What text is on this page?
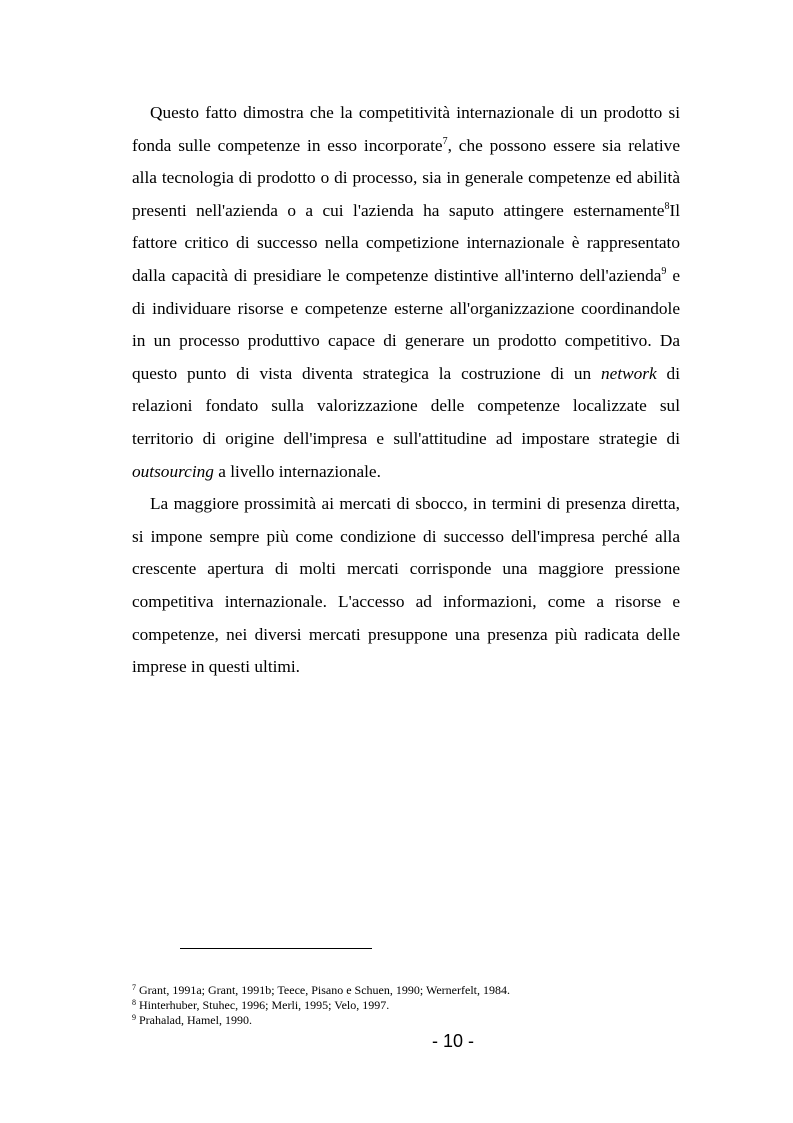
Questo fatto dimostra che la competitività internazionale di un prodotto si fonda sulle competenze in esso incorporate$^7$, che possono essere sia relative alla tecnologia di prodotto o di processo, sia in generale competenze ed abilità presenti nell'azienda o a cui l'azienda ha saputo attingere esternamente$^8$Il fattore critico di successo nella competizione internazionale è rappresentato dalla capacità di presidiare le competenze distintive all'interno dell'azienda$^9$ e di individuare risorse e competenze esterne all'organizzazione coordinandole in un processo produttivo capace di generare un prodotto competitivo. Da questo punto di vista diventa strategica la costruzione di un network di relazioni fondato sulla valorizzazione delle competenze localizzate sul territorio di origine dell'impresa e sull'attitudine ad impostare strategie di outsourcing a livello internazionale.

La maggiore prossimità ai mercati di sbocco, in termini di presenza diretta, si impone sempre più come condizione di successo dell'impresa perché alla crescente apertura di molti mercati corrisponde una maggiore pressione competitiva internazionale. L'accesso ad informazioni, come a risorse e competenze, nei diversi mercati presuppone una presenza più radicata delle imprese in questi ultimi.

$^7$ Grant, 1991a; Grant, 1991b; Teece, Pisano e Schuen, 1990; Wernerfelt, 1984.
$^8$ Hinterhuber, Stuhec, 1996; Merli, 1995; Velo, 1997.
$^9$ Prahalad, Hamel, 1990.
- 10 -
